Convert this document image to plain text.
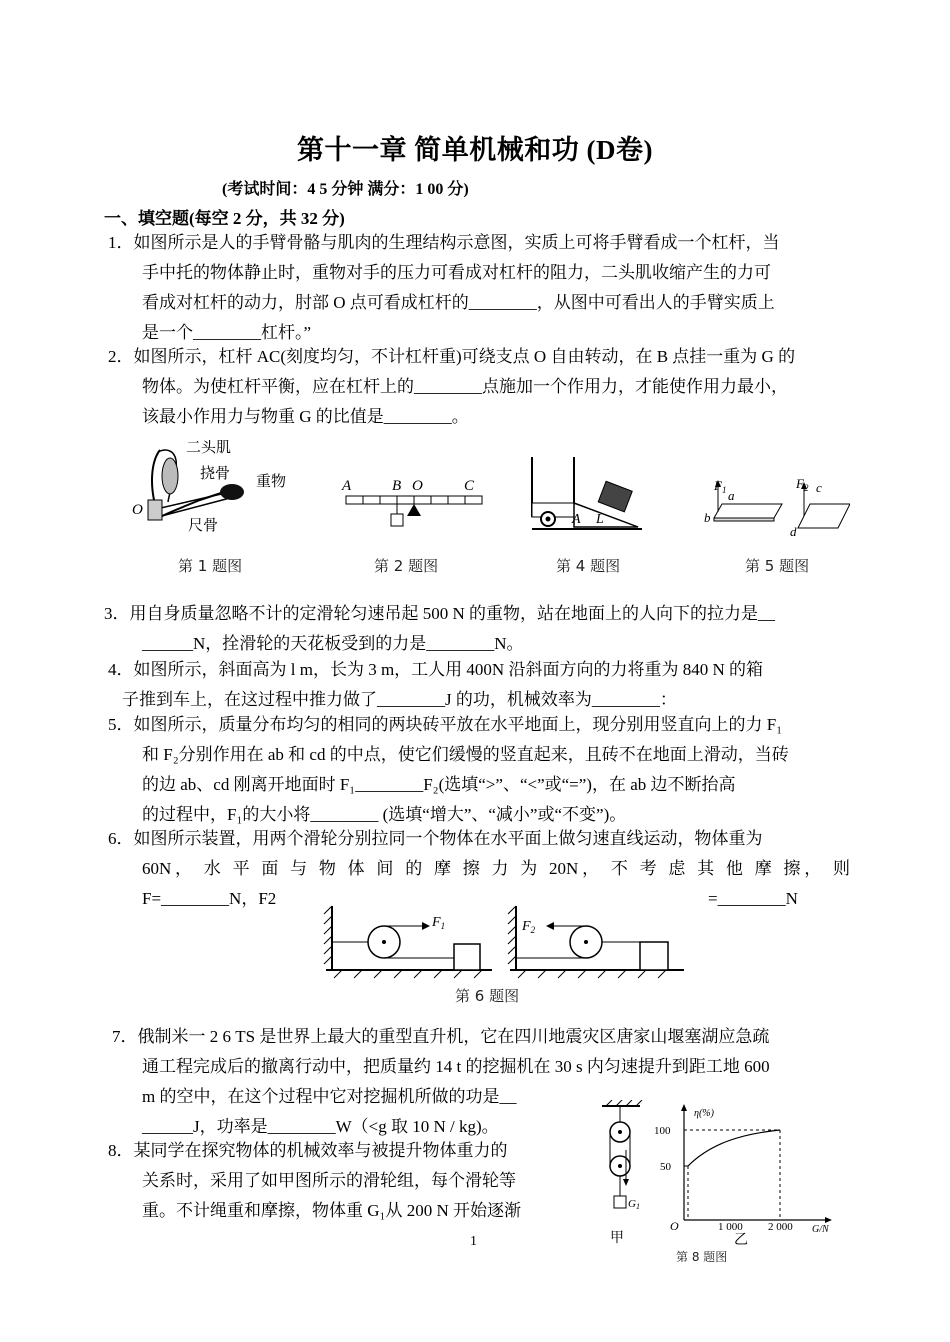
第十一章 简单机械和功 (D卷)
(考试时间：4 5 分钟 满分：1 00 分)
一、填空题(每空 2 分，共 32 分)
1．如图所示是人的手臂骨骼与肌肉的生理结构示意图，实质上可将手臂看成一个杠杆，当
手中托的物体静止时，重物对手的压力可看成对杠杆的阻力，二头肌收缩产生的力可
看成对杠杆的动力，肘部 O 点可看成杠杆的________，从图中可看出人的手臂实质上
是一个________杠杆。”
2．如图所示，杠杆 AC(刻度均匀，不计杠杆重)可绕支点 O 自由转动，在 B 点挂一重为 G 的
物体。为使杠杆平衡，应在杠杆上的________点施加一个作用力，才能使作用力最小，
该最小作用力与物重 G 的比值是________。
二头肌
挠骨 重物
尺骨
O
第 1 题图
A	B O	C
第 2 题图
A L
第 4 题图
$F_1$ a
b
$F_2$ c
d
第 5 题图
3．用自身质量忽略不计的定滑轮匀速吊起 500 N 的重物，站在地面上的人向下的拉力是__
______N，拴滑轮的天花板受到的力是________N。
4．如图所示，斜面高为 l m，长为 3 m，工人用 400N 沿斜面方向的力将重为 840 N 的箱
子推到车上，在这过程中推力做了________J 的功，机械效率为________：
5．如图所示，质量分布均匀的相同的两块砖平放在水平地面上，现分别用竖直向上的力 F₁
和 F₂分别作用在 ab 和 cd 的中点，使它们缓慢的竖直起来，且砖不在地面上滑动，当砖
的边 ab、cd 刚离开地面时 F₁________F₂(选填“>”、“<”或“=”)，在 ab 边不断抬高
的过程中，F₁的大小将________ (选填“增大”、“减小”或“不变”)。
6．如图所示装置，用两个滑轮分别拉同一个物体在水平面上做匀速直线运动，物体重为
60N， 水 平 面 与 物 体 间 的 摩 擦 力 为 20N， 不 考 虑 其 他 摩 擦， 则
F=________N，F2	=________N
$F_1$	$F_2$
第 6 题图
7．俄制米一 2 6 TS 是世界上最大的重型直升机，它在四川地震灾区唐家山堰塞湖应急疏
通工程完成后的撤离行动中，把质量约 14 t 的挖掘机在 30 s 内匀速提升到距工地 600
m 的空中，在这个过程中它对挖掘机所做的功是__
______J，功率是________W（<g 取 10 N / kg)。
8．某同学在探究物体的机械效率与被提升物体重力的
关系时，采用了如甲图所示的滑轮组，每个滑轮等
重。不计绳重和摩擦，物体重 G₁从 200 N 开始逐渐	G1
甲
η(%)
G/N
100
50
O	1 000 2 000
乙
第 8 题图
1
